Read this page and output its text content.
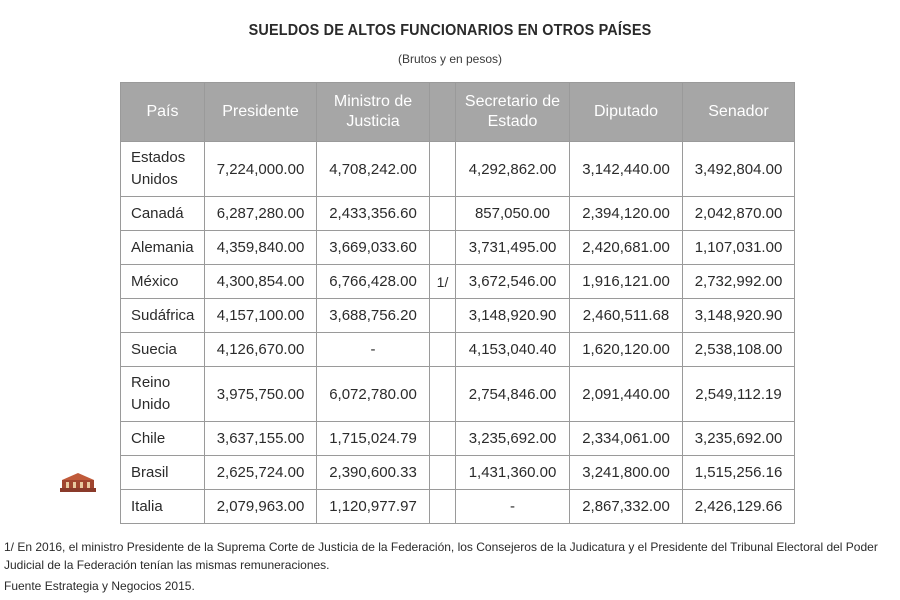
SUELDOS DE ALTOS FUNCIONARIOS EN OTROS PAÍSES
(Brutos y en pesos)
País	Presidente	Ministro de Justicia		Secretario de Estado	Diputado	Senador
Estados Unidos	7,224,000.00	4,708,242.00		4,292,862.00	3,142,440.00	3,492,804.00
Canadá	6,287,280.00	2,433,356.60		857,050.00	2,394,120.00	2,042,870.00
Alemania	4,359,840.00	3,669,033.60		3,731,495.00	2,420,681.00	1,107,031.00
México	4,300,854.00	6,766,428.00	1/	3,672,546.00	1,916,121.00	2,732,992.00
Sudáfrica	4,157,100.00	3,688,756.20		3,148,920.90	2,460,511.68	3,148,920.90
Suecia	4,126,670.00	-		4,153,040.40	1,620,120.00	2,538,108.00
Reino Unido	3,975,750.00	6,072,780.00		2,754,846.00	2,091,440.00	2,549,112.19
Chile	3,637,155.00	1,715,024.79		3,235,692.00	2,334,061.00	3,235,692.00
Brasil	2,625,724.00	2,390,600.33		1,431,360.00	3,241,800.00	1,515,256.16
Italia	2,079,963.00	1,120,977.97		-	2,867,332.00	2,426,129.66
1/ En 2016, el ministro Presidente de la Suprema Corte de Justicia de la Federación, los Consejeros de la Judicatura y el Presidente del Tribunal Electoral del Poder Judicial de la Federación tenían las mismas remuneraciones.
Fuente Estrategia y Negocios 2015.
